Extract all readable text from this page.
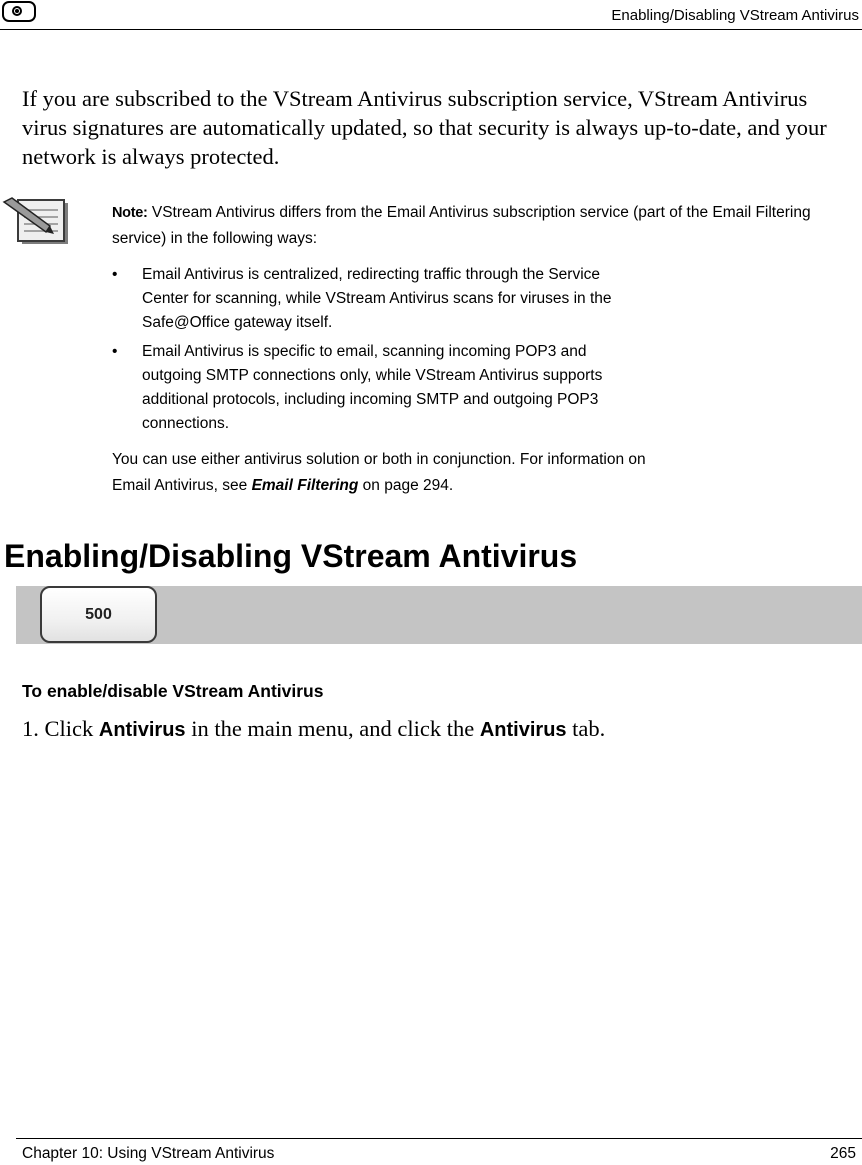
Enabling/Disabling VStream Antivirus
If you are subscribed to the VStream Antivirus subscription service, VStream Antivirus virus signatures are automatically updated, so that security is always up-to-date, and your network is always protected.
Note: VStream Antivirus differs from the Email Antivirus subscription service (part of the Email Filtering service) in the following ways:
• Email Antivirus is centralized, redirecting traffic through the Service
Center for scanning, while VStream Antivirus scans for viruses in the
Safe@Office gateway itself.
• Email Antivirus is specific to email, scanning incoming POP3 and
outgoing SMTP connections only, while VStream Antivirus supports
additional protocols, including incoming SMTP and outgoing POP3
connections.
You can use either antivirus solution or both in conjunction. For information on
Email Antivirus, see Email Filtering on page 294.
Enabling/Disabling VStream Antivirus
500
To enable/disable VStream Antivirus
1. Click Antivirus in the main menu, and click the Antivirus tab.
Chapter 10: Using VStream Antivirus	265
